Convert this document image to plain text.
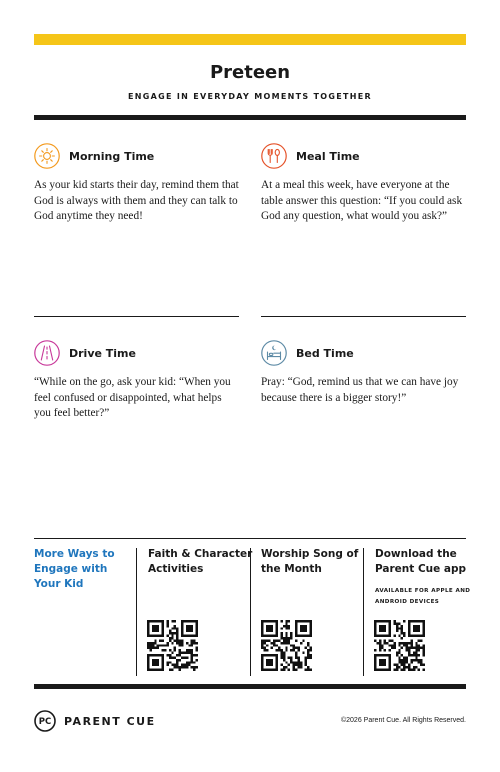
Preteen
ENGAGE IN EVERYDAY MOMENTS TOGETHER
Morning Time

As your kid starts their day, remind them that God is always with them and they can talk to God anytime they need!

Meal Time

At a meal this week, have everyone at the table answer this question: “If you could ask God any question, what would you ask?”

Drive Time

“While on the go, ask your kid: “When you feel confused or disappointed, what helps you feel better?”

Bed Time

Pray: “God, remind us that we can have joy because there is a bigger story!”

More Ways to Engage with Your Kid
Faith & Character Activities
Worship Song of the Month
Download the Parent Cue app
AVAILABLE FOR APPLE AND ANDROID DEVICES
PC PARENT CUE	©2026 Parent Cue. All Rights Reserved.
